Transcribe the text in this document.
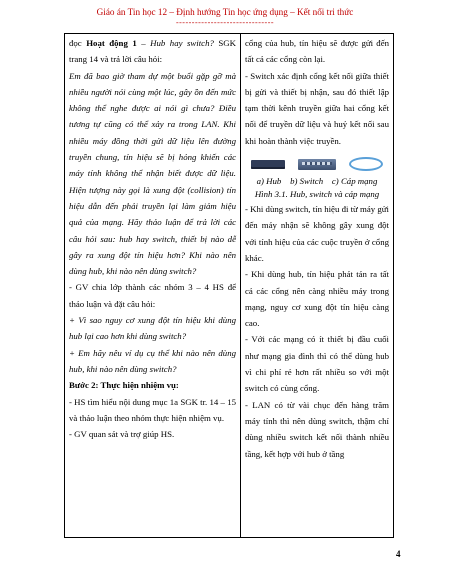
Giáo án Tin học 12 – Định hướng Tin học ứng dụng – Kết nối tri thức
-------------------------------

đọc Hoạt động 1 – Hub hay switch? SGK trang 14 và trả lời câu hỏi:

Em đã bao giờ tham dự một buổi gặp gỡ mà nhiều người nói cùng một lúc, gây ồn đến mức không thể nghe được ai nói gì chưa? Điều tương tự cũng có thể xảy ra trong LAN. Khi nhiều máy đồng thời gửi dữ liệu lên đường truyền chung, tín hiệu sẽ bị hỏng khiến các máy tính không thể nhận biết được dữ liệu. Hiện tượng này gọi là xung đột (collision) tín hiệu dẫn đến phải truyền lại làm giảm hiệu quả của mạng. Hãy thảo luận để trả lời các câu hỏi sau: hub hay switch, thiết bị nào dễ gây ra xung đột tín hiệu hơn? Khi nào nên dùng hub, khi nào nên dùng switch?

- GV chia lớp thành các nhóm 3 – 4 HS để thảo luận và đặt câu hỏi:

+ Vì sao nguy cơ xung đột tín hiệu khi dùng hub lại cao hơn khi dùng switch?

+ Em hãy nêu ví dụ cụ thể khi nào nên dùng hub, khi nào nên dùng switch?

Bước 2: Thực hiện nhiệm vụ:

- HS tìm hiểu nội dung mục 1a SGK tr. 14 – 15 và thảo luận theo nhóm thực hiện nhiệm vụ.

- GV quan sát và trợ giúp HS.

cổng của hub, tín hiệu sẽ được gửi đến tất cả các cổng còn lại.

- Switch xác định cổng kết nối giữa thiết bị gửi và thiết bị nhận, sau đó thiết lập tạm thời kênh truyền giữa hai cổng kết nối để truyền dữ liệu và huỷ kết nối sau khi hoàn thành việc truyền.

a) Hub b) Switch c) Cáp mạng
Hình 3.1. Hub, switch và cáp mạng

- Khi dùng switch, tín hiệu đi từ máy gửi đến máy nhận sẽ không gây xung đột với tính hiệu của các cuộc truyền ở cổng khác.

- Khi dùng hub, tín hiệu phát tán ra tất cả các cổng nên càng nhiều máy trong mạng, nguy cơ xung đột tín hiệu càng cao.

- Với các mạng có ít thiết bị đầu cuối như mạng gia đình thì có thể dùng hub vì chi phí rẻ hơn rất nhiều so với một switch có cùng cổng.

- LAN có từ vài chục đến hàng trăm máy tính thì nên dùng switch, thậm chí dùng nhiều switch kết nối thành nhiều tầng, kết hợp với hub ở tầng

4
